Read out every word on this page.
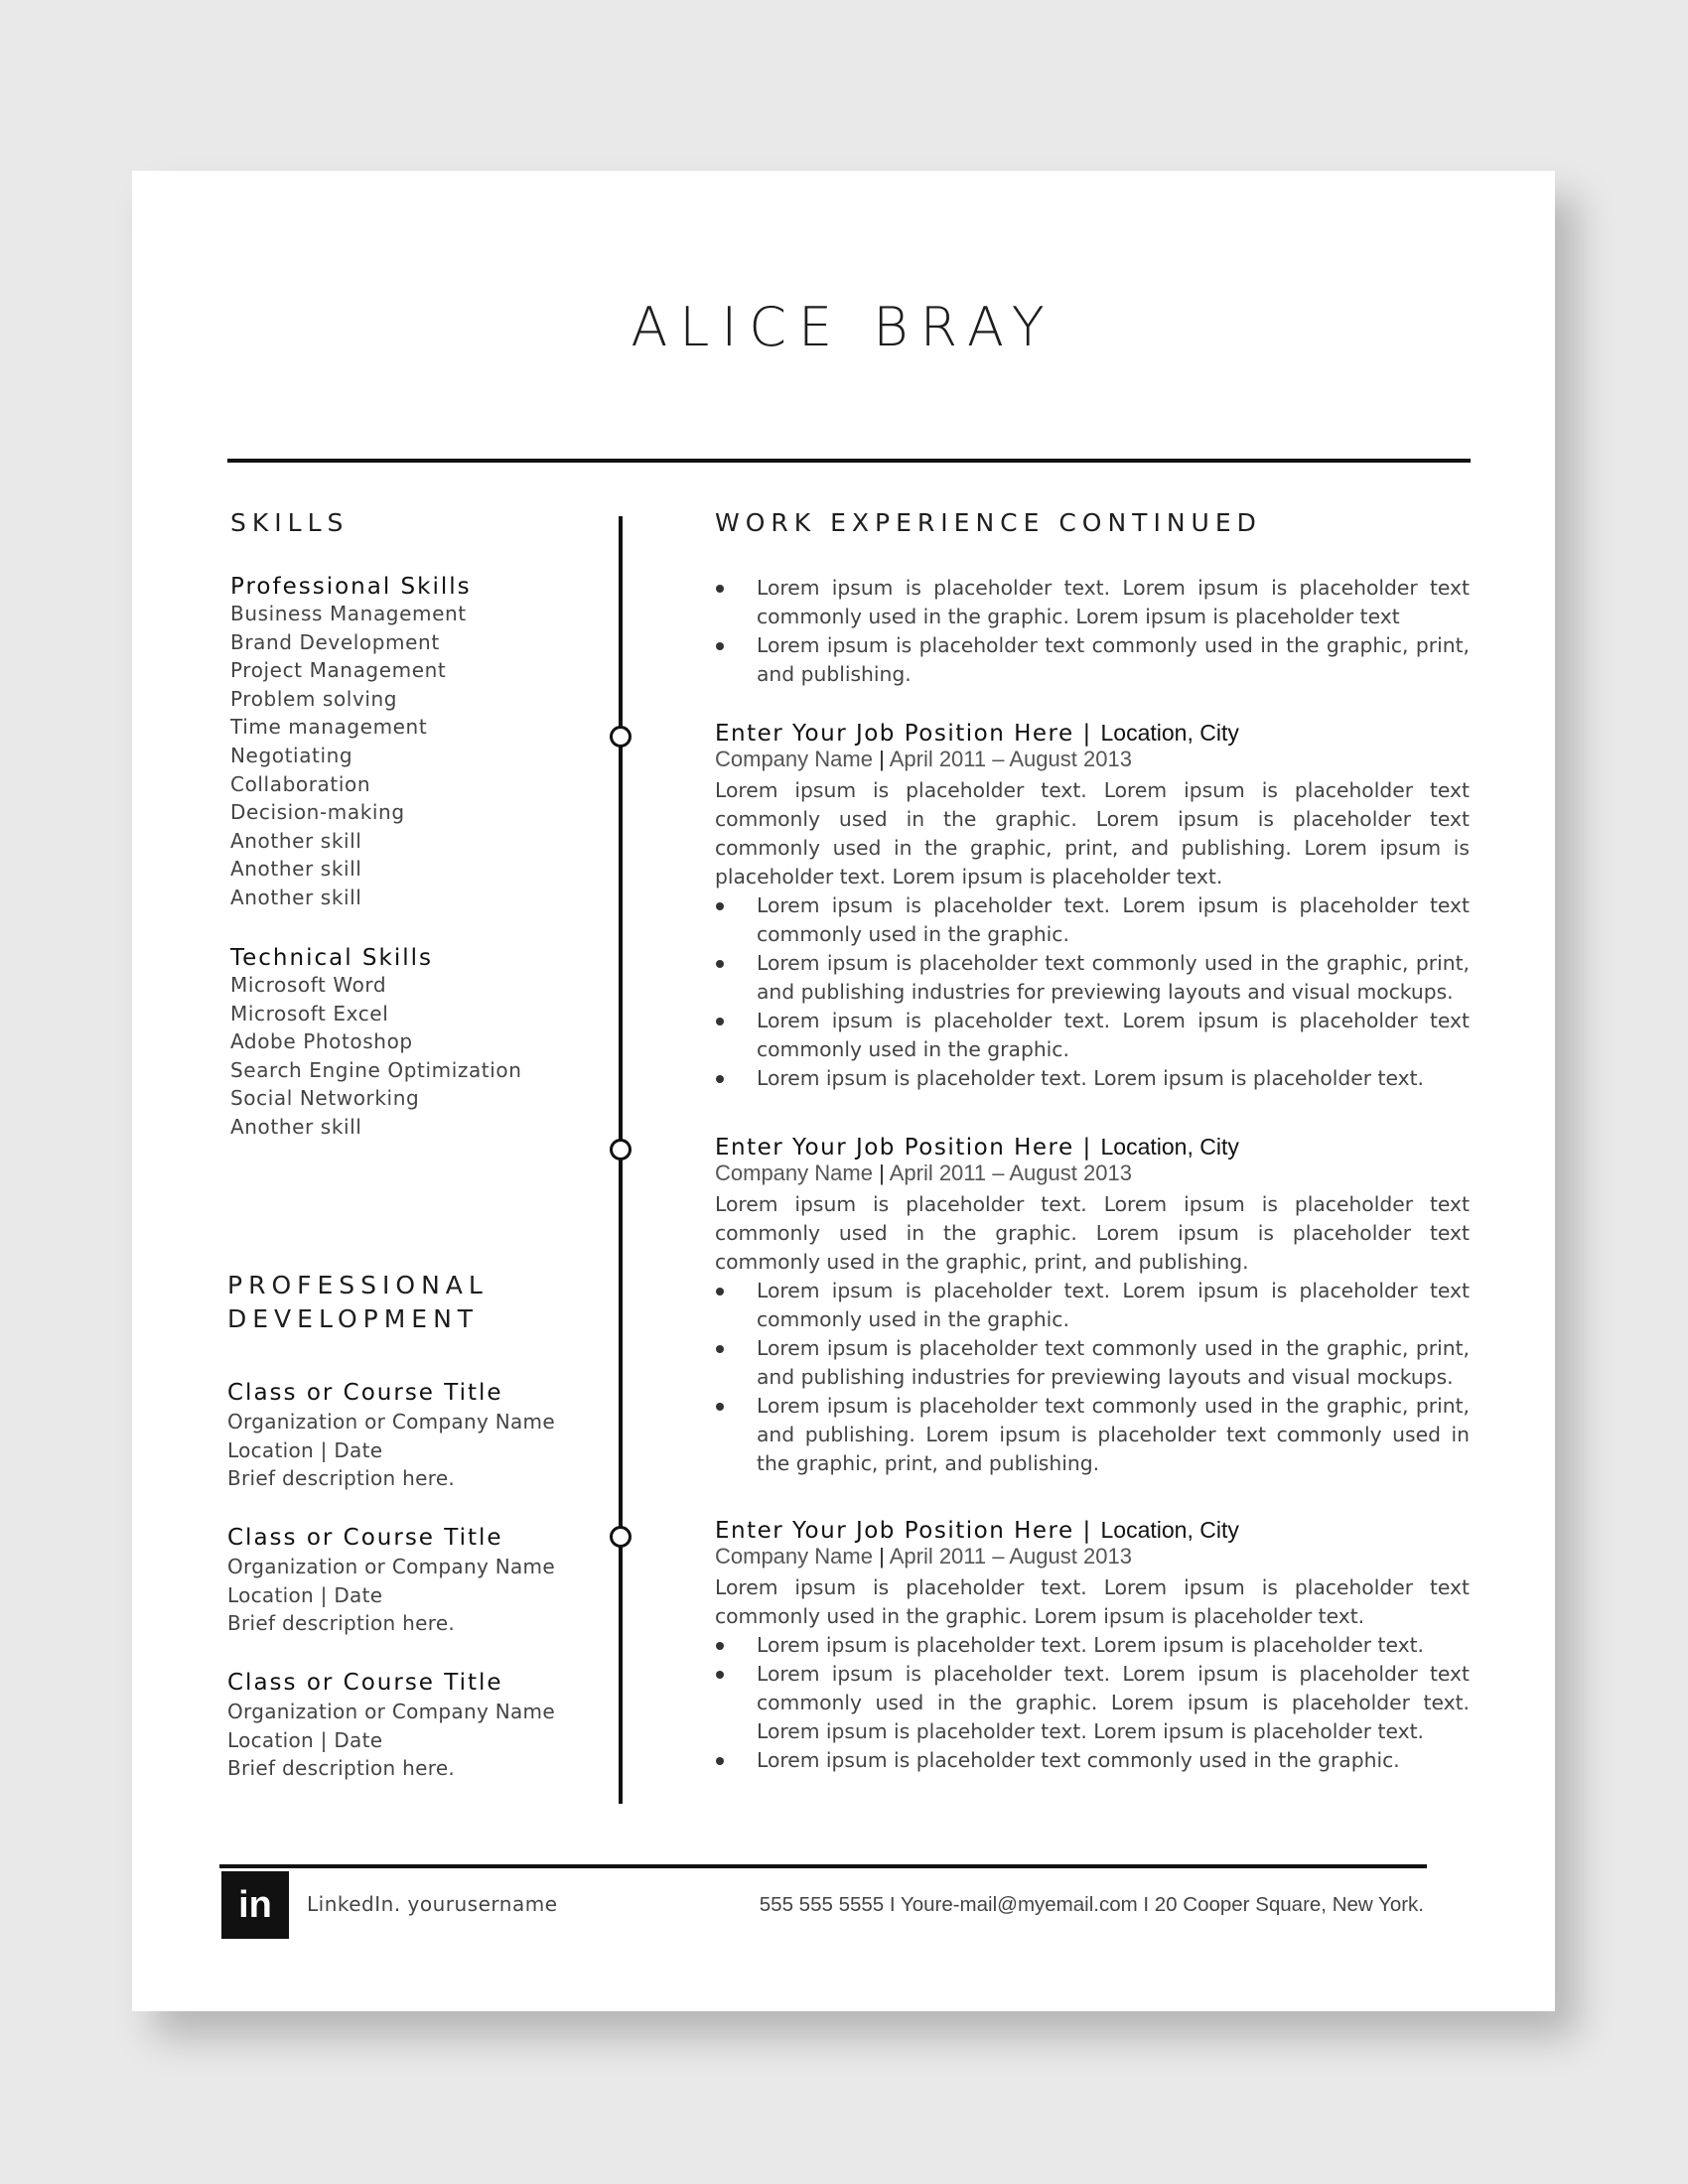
ALICE BRAY
SKILLS
Professional Skills
Business Management
Brand Development
Project Management
Problem solving
Time management
Negotiating
Collaboration
Decision-making
Another skill
Another skill
Another skill
Technical Skills
Microsoft Word
Microsoft Excel
Adobe Photoshop
Search Engine Optimization
Social Networking
Another skill
PROFESSIONAL
DEVELOPMENT
Class or Course Title
Organization or Company Name
Location | Date
Brief description here.
Class or Course Title
Organization or Company Name
Location | Date
Brief description here.
Class or Course Title
Organization or Company Name
Location | Date
Brief description here.
WORK EXPERIENCE CONTINUED
Lorem ipsum is placeholder text. Lorem ipsum is placeholder text commonly used in the graphic. Lorem ipsum is placeholder text
Lorem ipsum is placeholder text commonly used in the graphic, print, and publishing.
Enter Your Job Position Here | Location, City
Company Name | April 2011 – August 2013

Lorem ipsum is placeholder text. Lorem ipsum is placeholder text commonly used in the graphic. Lorem ipsum is placeholder text commonly used in the graphic, print, and publishing. Lorem ipsum is placeholder text. Lorem ipsum is placeholder text.

Lorem ipsum is placeholder text. Lorem ipsum is placeholder text commonly used in the graphic.
Lorem ipsum is placeholder text commonly used in the graphic, print, and publishing industries for previewing layouts and visual mockups.
Lorem ipsum is placeholder text. Lorem ipsum is placeholder text commonly used in the graphic.
Lorem ipsum is placeholder text. Lorem ipsum is placeholder text.
Enter Your Job Position Here | Location, City
Company Name | April 2011 – August 2013

Lorem ipsum is placeholder text. Lorem ipsum is placeholder text commonly used in the graphic. Lorem ipsum is placeholder text commonly used in the graphic, print, and publishing.

Lorem ipsum is placeholder text. Lorem ipsum is placeholder text commonly used in the graphic.
Lorem ipsum is placeholder text commonly used in the graphic, print, and publishing industries for previewing layouts and visual mockups.
Lorem ipsum is placeholder text commonly used in the graphic, print, and publishing. Lorem ipsum is placeholder text commonly used in the graphic, print, and publishing.
Enter Your Job Position Here | Location, City
Company Name | April 2011 – August 2013

Lorem ipsum is placeholder text. Lorem ipsum is placeholder text commonly used in the graphic. Lorem ipsum is placeholder text.

Lorem ipsum is placeholder text. Lorem ipsum is placeholder text.
Lorem ipsum is placeholder text. Lorem ipsum is placeholder text commonly used in the graphic. Lorem ipsum is placeholder text. Lorem ipsum is placeholder text. Lorem ipsum is placeholder text.
Lorem ipsum is placeholder text commonly used in the graphic.
in LinkedIn. yourusername	555 555 5555 I Youre-mail@myemail.com I 20 Cooper Square, New York.
